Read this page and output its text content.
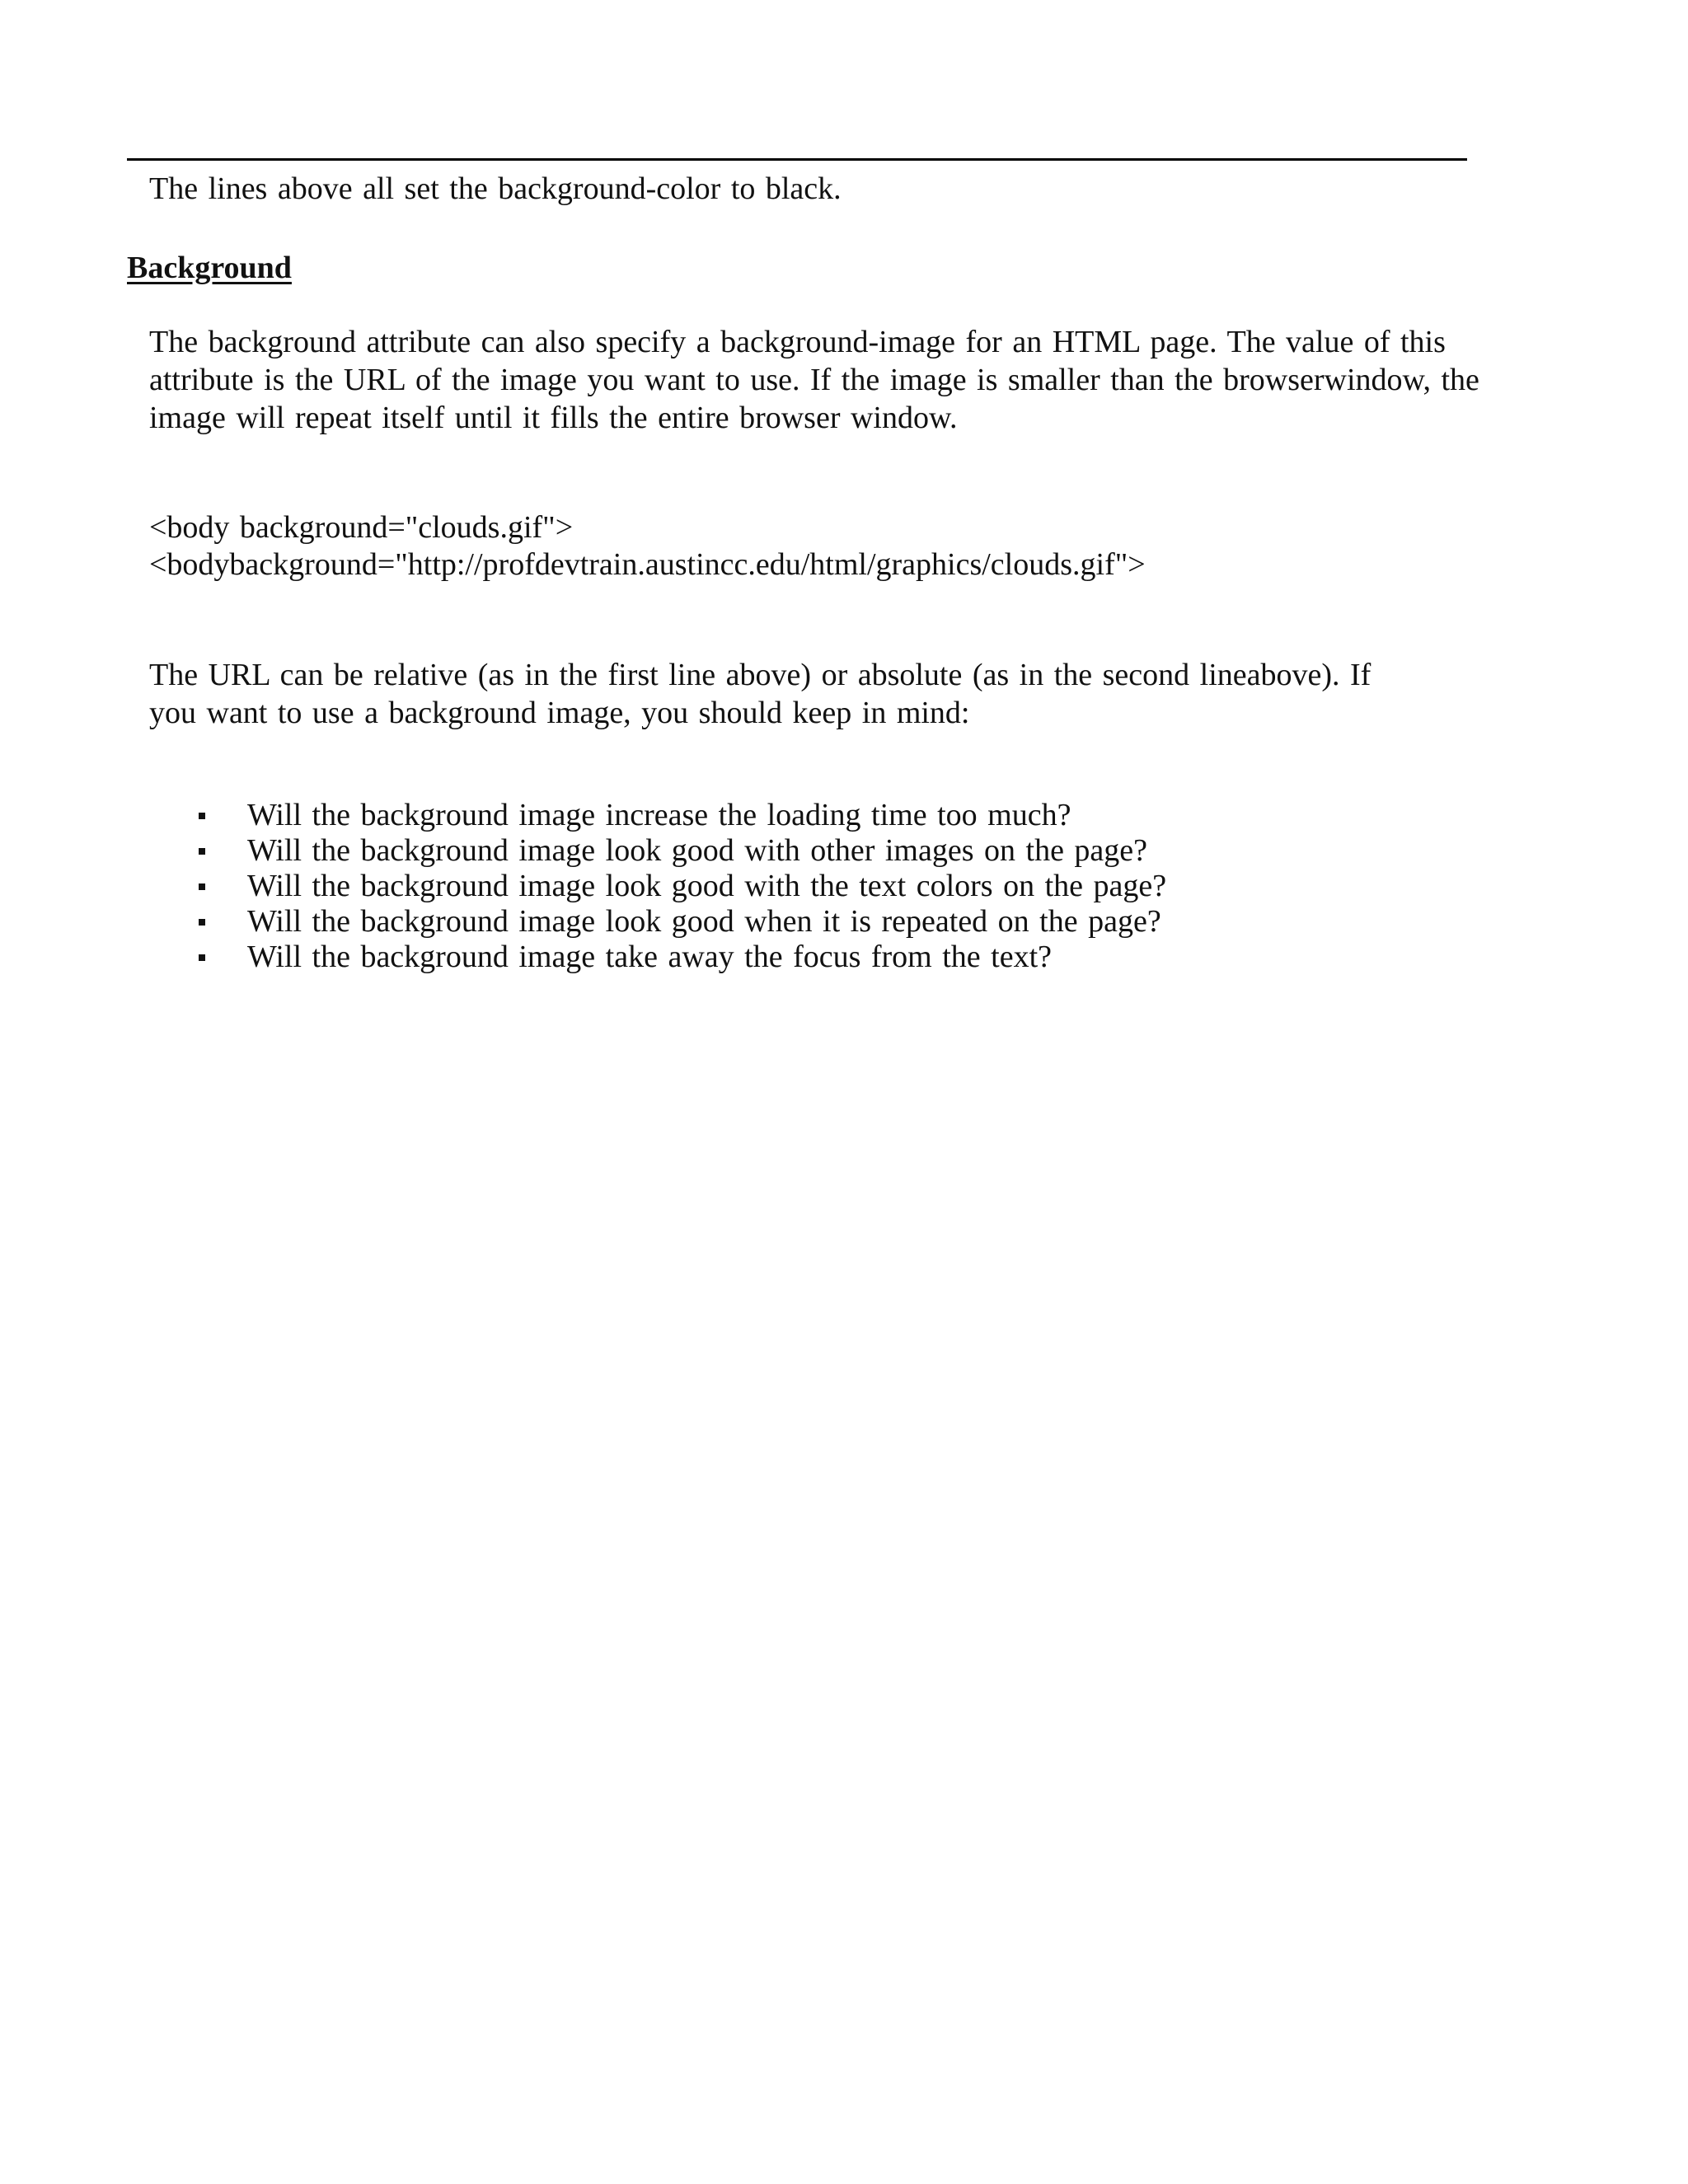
The lines above all set the background-color to black.
Background
The background attribute can also specify a background-image for an HTML page. The value of this
attribute is the URL of the image you want to use. If the image is smaller than the browserwindow, the
image will repeat itself until it fills the entire browser window.
<body background="clouds.gif">
<bodybackground="http://profdevtrain.austincc.edu/html/graphics/clouds.gif">
The URL can be relative (as in the first line above) or absolute (as in the second lineabove). If
you want to use a background image, you should keep in mind:
Will the background image increase the loading time too much?
Will the background image look good with other images on the page?
Will the background image look good with the text colors on the page?
Will the background image look good when it is repeated on the page?
Will the background image take away the focus from the text?
